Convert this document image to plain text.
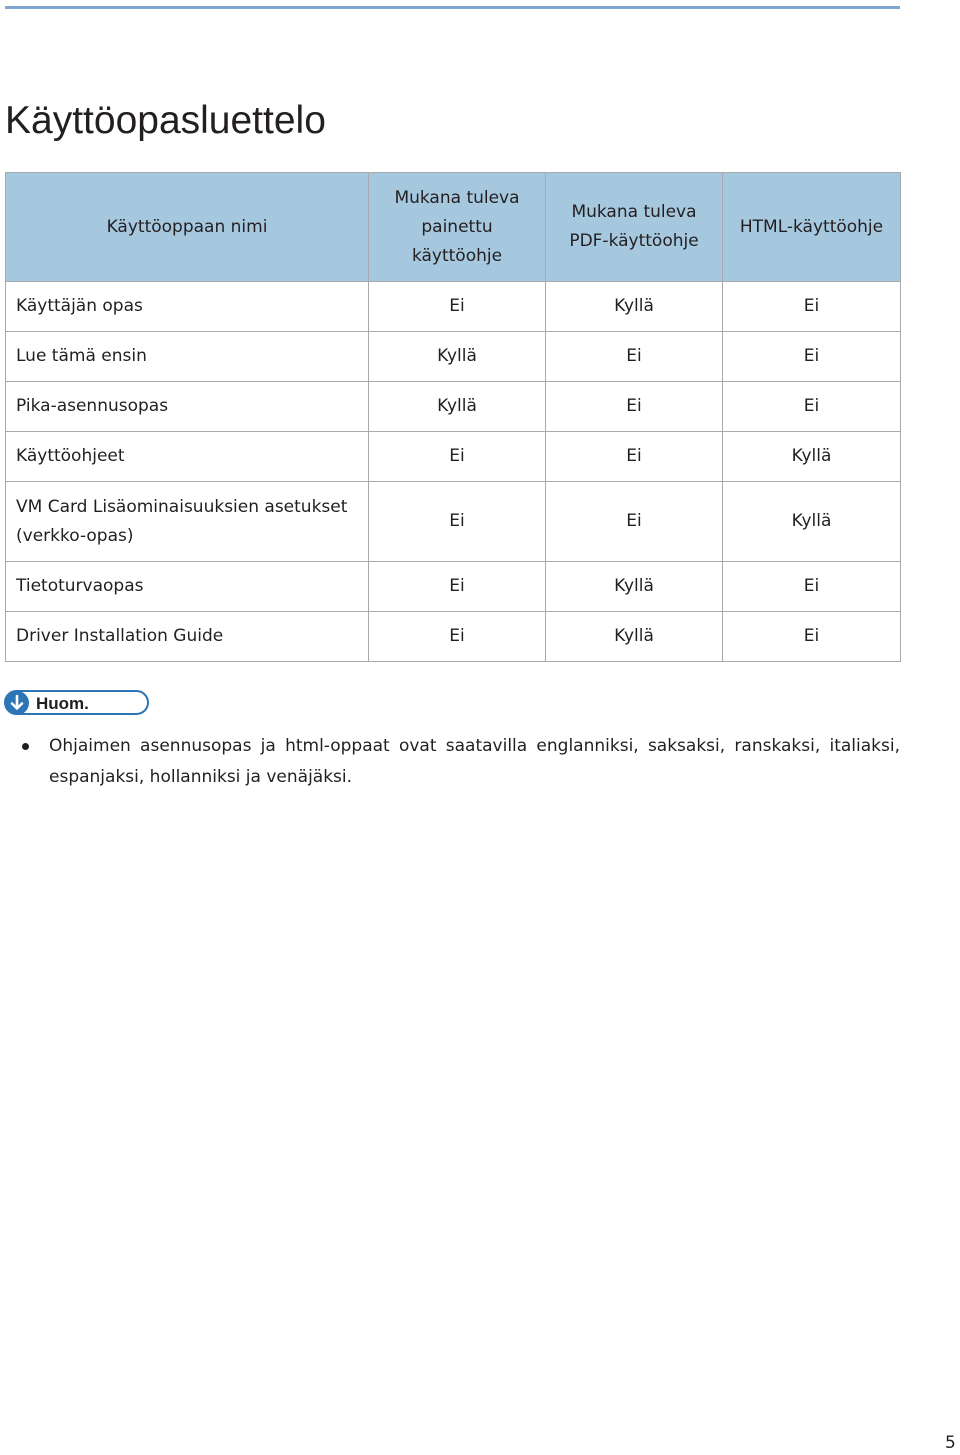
Käyttöopasluettelo
Käyttöoppaan nimi	Mukana tuleva painettu käyttöohje	Mukana tuleva PDF-käyttöohje	HTML-käyttöohje
Käyttäjän opas	Ei	Kyllä	Ei
Lue tämä ensin	Kyllä	Ei	Ei
Pika-asennusopas	Kyllä	Ei	Ei
Käyttöohjeet	Ei	Ei	Kyllä
VM Card Lisäominaisuuksien asetukset (verkko-opas)	Ei	Ei	Kyllä
Tietoturvaopas	Ei	Kyllä	Ei
Driver Installation Guide	Ei	Kyllä	Ei
Huom.
Ohjaimen asennusopas ja html-oppaat ovat saatavilla englanniksi, saksaksi, ranskaksi, italiaksi, espanjaksi, hollanniksi ja venäjäksi.
5
